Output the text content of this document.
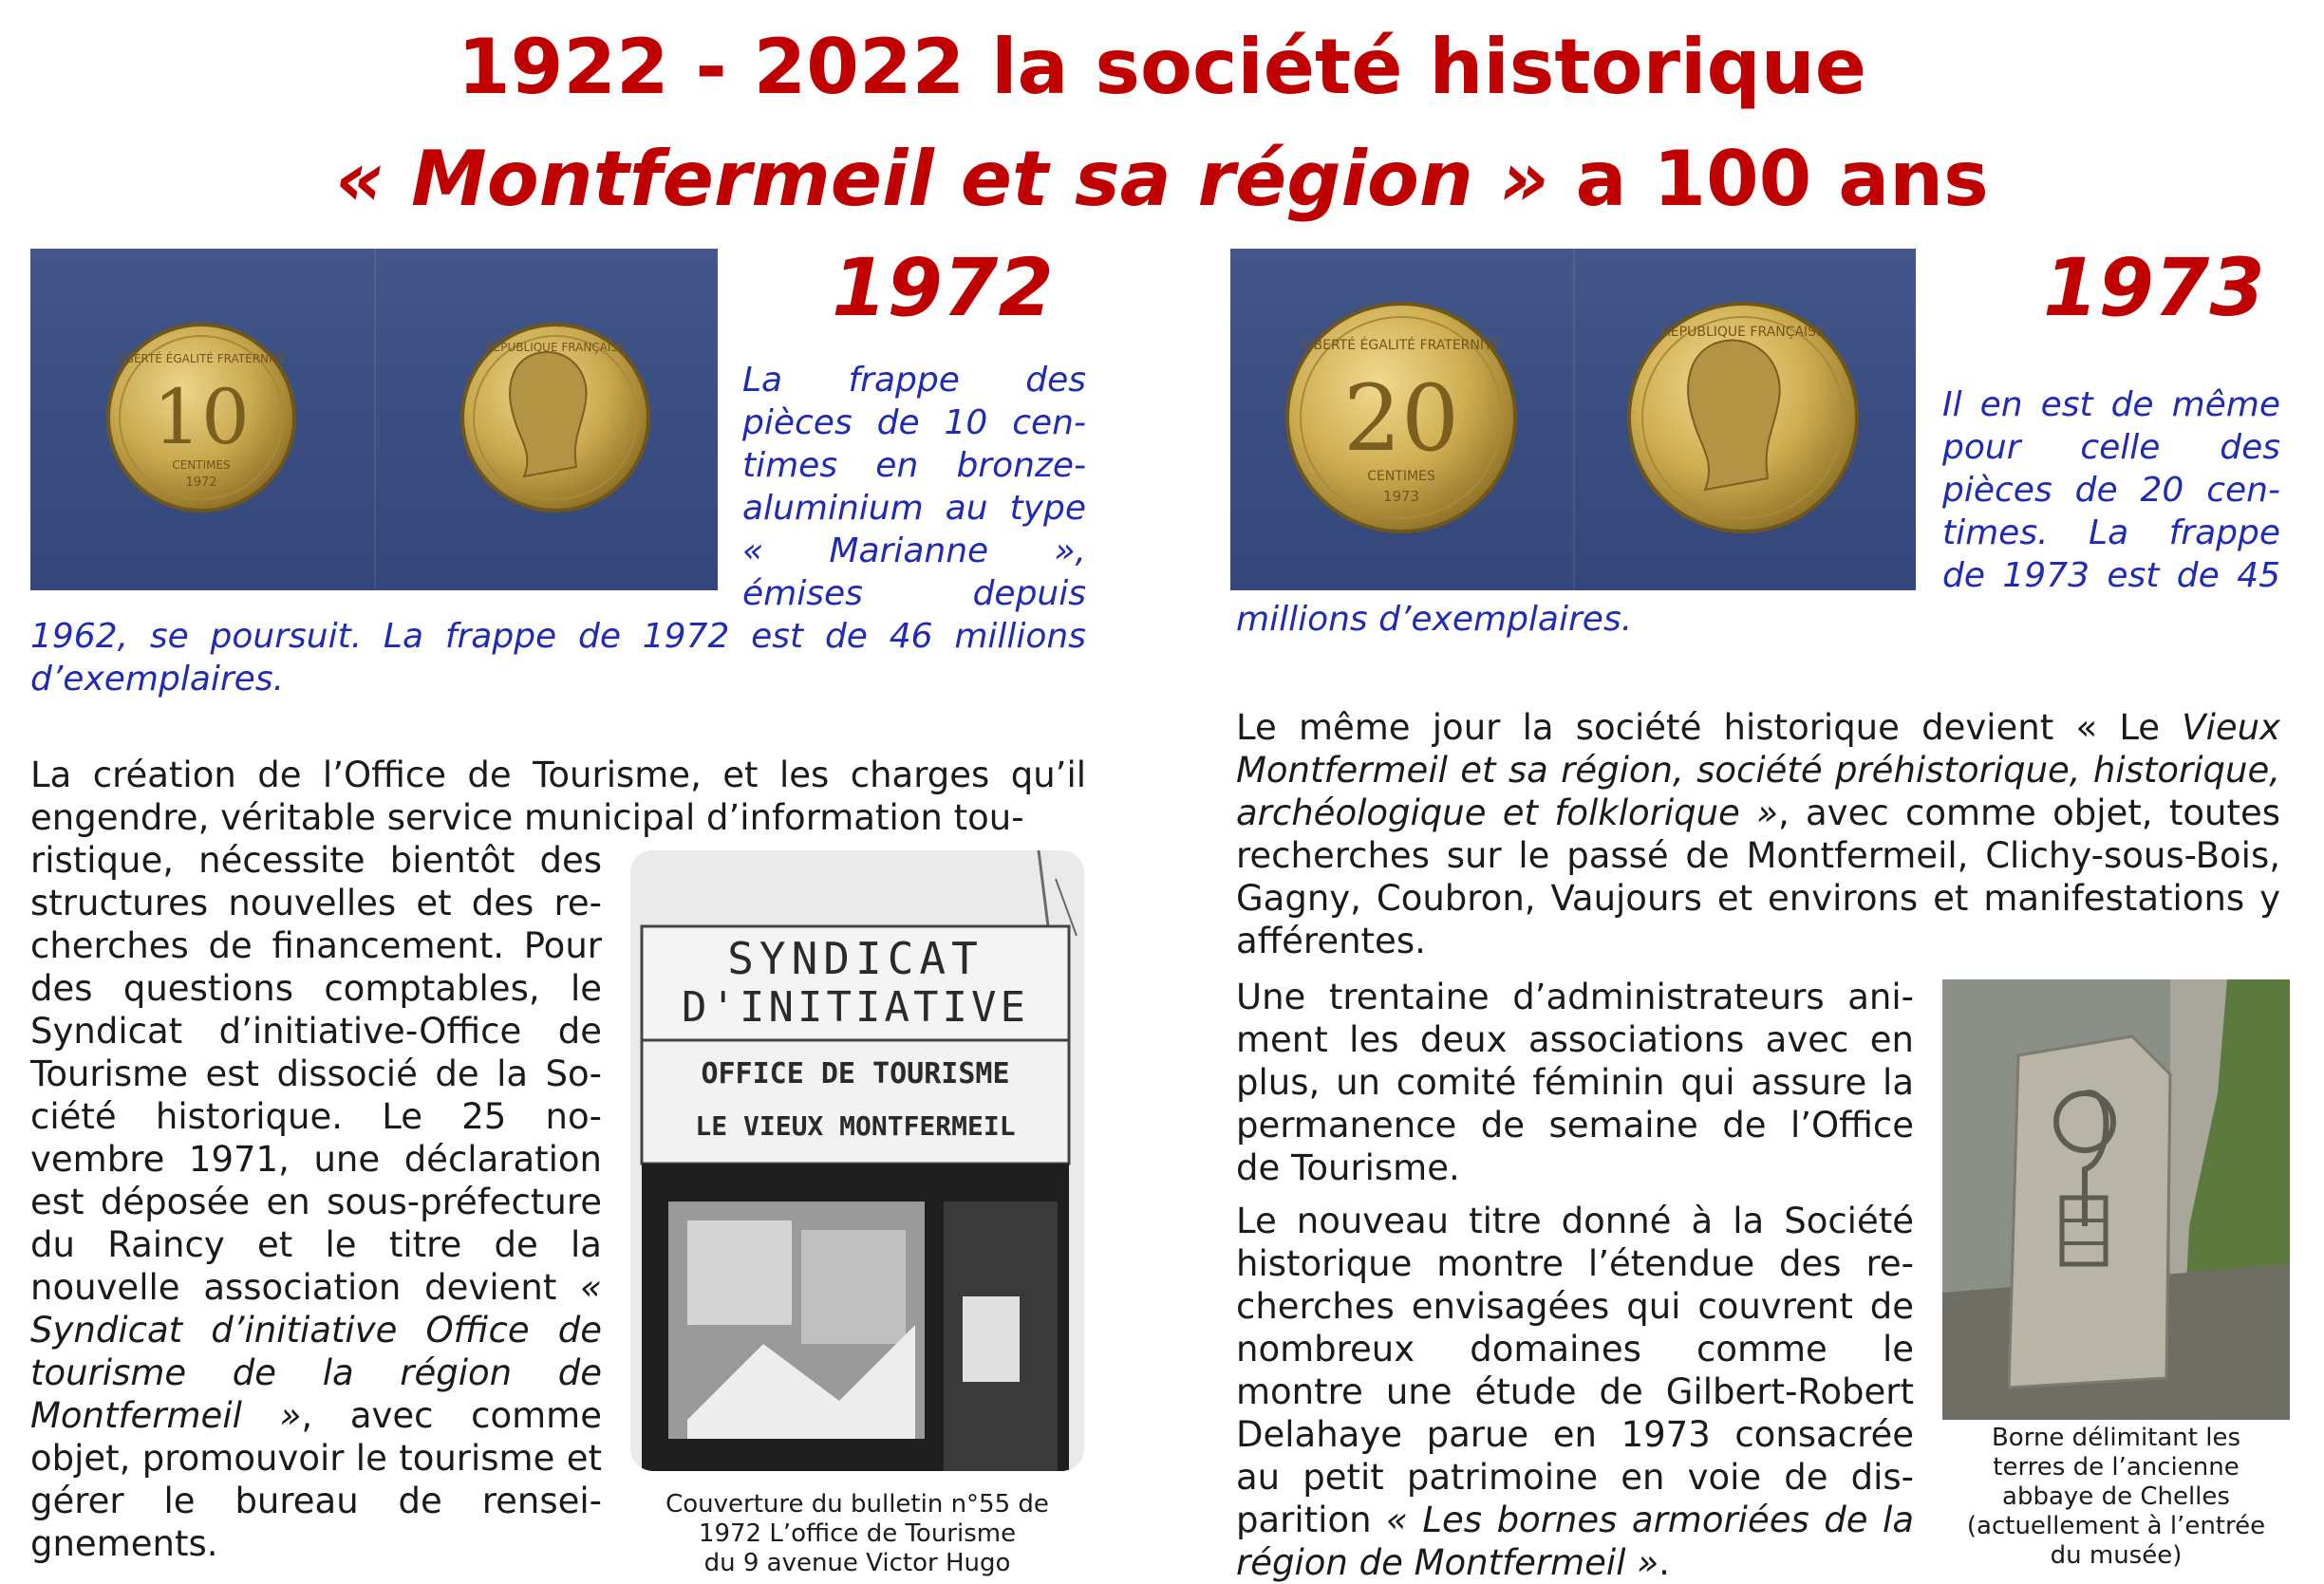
1922 - 2022 la société historique
« Montfermeil et sa région » a 100 ans
LIBERTÉ ÉGALITÉ FRATERNITÉ
10
CENTIMES
1972
RÉPUBLIQUE FRANÇAISE
1972
La frappe des
pièces de 10 cen-
times en bronze-
aluminium au type
« Marianne »,
émises depuis
1962, se poursuit. La frappe de 1972 est de 46 millions d’exemplaires.
La création de l’Office de Tourisme, et les charges qu’il engendre, véritable service municipal d’information tou-
ristique, nécessite bientôt des structures nouvelles et des recherches de financement. Pour des questions comptables, le Syndicat d’initiative-Office de Tourisme est dissocié de la Société historique. Le 25 novembre 1971, une déclaration est déposée en sous-préfecture du Raincy et le titre de la nouvelle association devient « Syndicat d’initiative Office de tourisme de la région de Montfermeil », avec comme objet, promouvoir le tourisme et gérer le bureau de renseignements.
SYNDICAT
D'INITIATIVE
OFFICE DE TOURISME
LE VIEUX MONTFERMEIL
Couverture du bulletin n°55 de
1972 L’office de Tourisme
du 9 avenue Victor Hugo
LIBERTÉ ÉGALITÉ FRATERNITÉ
20
CENTIMES
1973
RÉPUBLIQUE FRANÇAISE	1973
Il en est de même
pour celle des
pièces de 20 cen-
times. La frappe
de 1973 est de 45
millions d’exemplaires.
Le même jour la société historique devient « Le Vieux Montfermeil et sa région, société préhistorique, historique, archéologique et folklorique », avec comme objet, toutes recherches sur le passé de Montfermeil, Clichy-sous-Bois, Gagny, Coubron, Vaujours et environs et manifestations y afférentes.
Une trentaine d’administrateurs animent les deux associations avec en plus, un comité féminin qui assure la permanence de semaine de l’Office de Tourisme.
Le nouveau titre donné à la Société historique montre l’étendue des recherches envisagées qui couvrent de nombreux domaines comme le montre une étude de Gilbert-Robert Delahaye parue en 1973 consacrée au petit patrimoine en voie de disparition « Les bornes armoriées de la région de Montfermeil ».
Borne délimitant les
terres de l’ancienne
abbaye de Chelles
(actuellement à l’entrée
du musée)
